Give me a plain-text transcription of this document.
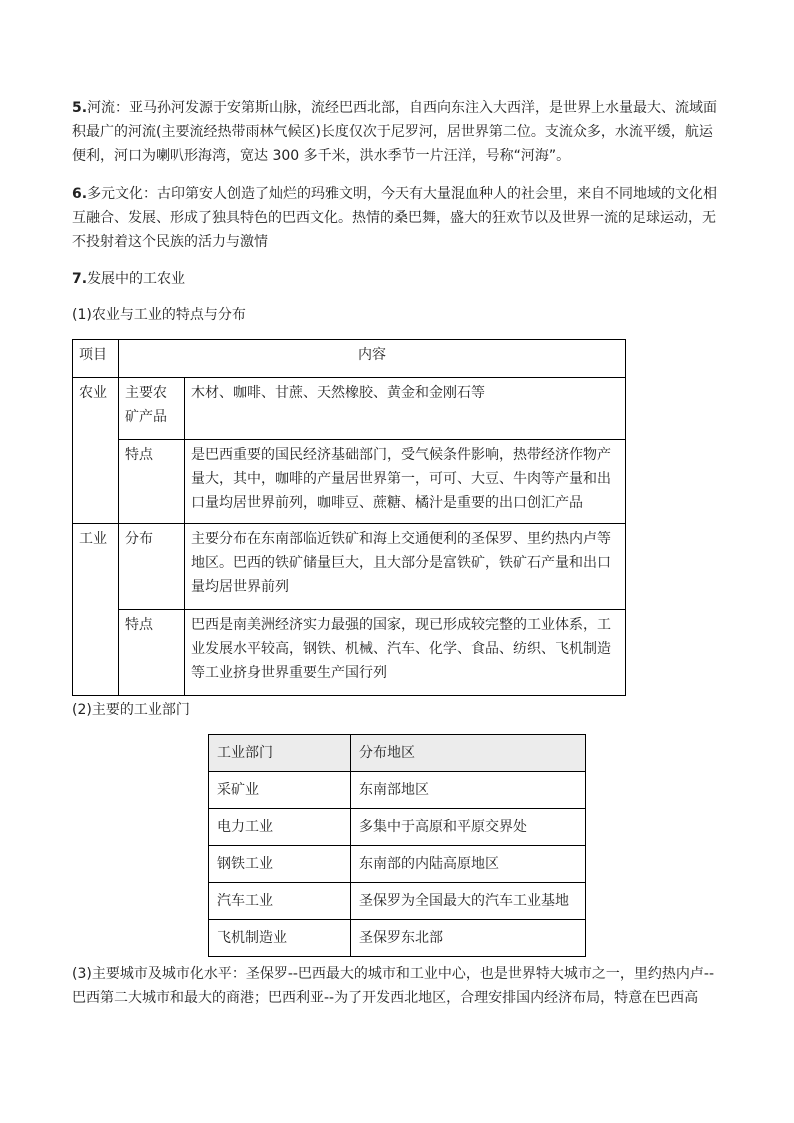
5.河流：亚马孙河发源于安第斯山脉，流经巴西北部，自西向东注入大西洋，是世界上水量最大、流域面积最广的河流(主要流经热带雨林气候区)长度仅次于尼罗河，居世界第二位。支流众多，水流平缓，航运便利，河口为喇叭形海湾，宽达 300 多千米，洪水季节一片汪洋，号称“河海”。

6.多元文化：古印第安人创造了灿烂的玛雅文明，今天有大量混血种人的社会里，来自不同地域的文化相互融合、发展、形成了独具特色的巴西文化。热情的桑巴舞，盛大的狂欢节以及世界一流的足球运动，无不投射着这个民族的活力与激情

7.发展中的工农业

(1)农业与工业的特点与分布

项目	内容	
农业	主要农矿产品	木材、咖啡、甘蔗、天然橡胶、黄金和金刚石等
	特点	是巴西重要的国民经济基础部门，受气候条件影响，热带经济作物产量大，其中，咖啡的产量居世界第一，可可、大豆、牛肉等产量和出口量均居世界前列，咖啡豆、蔗糖、橘汁是重要的出口创汇产品
工业	分布	主要分布在东南部临近铁矿和海上交通便利的圣保罗、里约热内卢等地区。巴西的铁矿储量巨大，且大部分是富铁矿，铁矿石产量和出口量均居世界前列
	特点	巴西是南美洲经济实力最强的国家，现已形成较完整的工业体系，工业发展水平较高，钢铁、机械、汽车、化学、食品、纺织、飞机制造等工业挤身世界重要生产国行列

(2)主要的工业部门

工业部门	分布地区
采矿业	东南部地区
电力工业	多集中于高原和平原交界处
钢铁工业	东南部的内陆高原地区
汽车工业	圣保罗为全国最大的汽车工业基地
飞机制造业	圣保罗东北部

(3)主要城市及城市化水平：圣保罗--巴西最大的城市和工业中心，也是世界特大城市之一，里约热内卢--巴西第二大城市和最大的商港；巴西利亚--为了开发西北地区，合理安排国内经济布局，特意在巴西高
